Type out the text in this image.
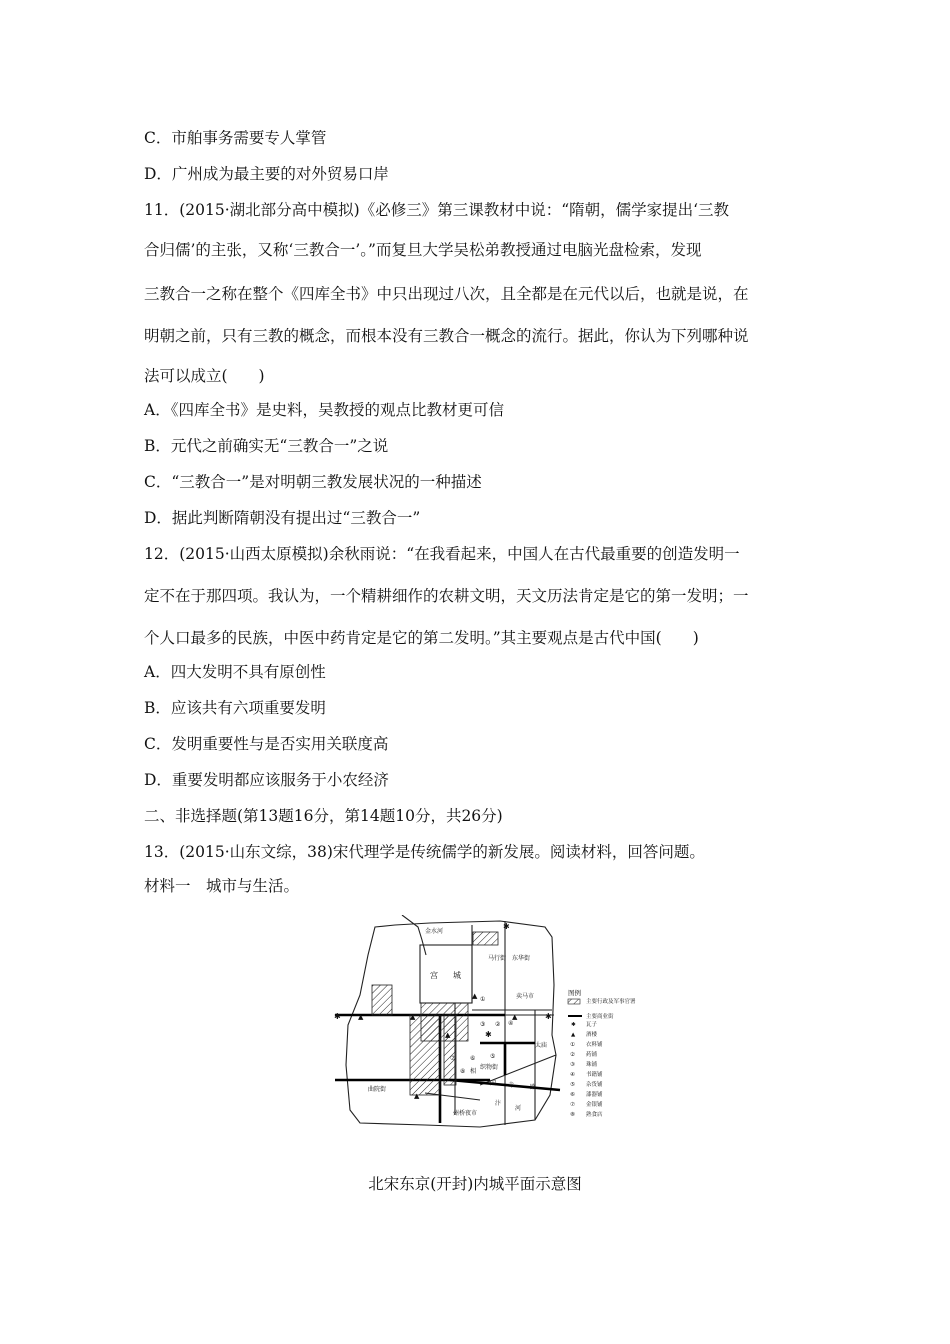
C．市舶事务需要专人掌管
D．广州成为最主要的对外贸易口岸
11．(2015·湖北部分高中模拟)《必修三》第三课教材中说：“隋朝，儒学家提出‘三教
合归儒’的主张，又称‘三教合一’。”而复旦大学吴松弟教授通过电脑光盘检索，发现
三教合一之称在整个《四库全书》中只出现过八次，且全都是在元代以后，也就是说，在
明朝之前，只有三教的概念，而根本没有三教合一概念的流行。据此，你认为下列哪种说
法可以成立(　　)
A．《四库全书》是史料，吴教授的观点比教材更可信
B．元代之前确实无“三教合一”之说
C．“三教合一”是对明朝三教发展状况的一种描述
D．据此判断隋朝没有提出过“三教合一”
12．(2015·山西太原模拟)余秋雨说：“在我看起来，中国人在古代最重要的创造发明一
定不在于那四项。我认为，一个精耕细作的农耕文明，天文历法肯定是它的第一发明；一
个人口最多的民族，中医中药肯定是它的第二发明。”其主要观点是古代中国(　　)
A．四大发明不具有原创性
B．应该共有六项重要发明
C．发明重要性与是否实用关联度高
D．重要发明都应该服务于小农经济
二、非选择题(第13题16分，第14题10分，共26分)
13．(2015·山东文综，38)宋代理学是传统儒学的新发展。阅读材料，回答问题。
材料一　城市与生活。
金水河
宫 城
马行街 东华街
卖马市
太庙
曲院街
织物街
州桥夜市
相
国 寺	路
汴
河
①
③ ② ④
⑤
⑥
⑦
⑧
✱	✱
✱
✱
▲	▲
▲
▲
▲
▲	图例
✱
▲
①
②
③
④
⑤
⑥
⑦
⑧
主要行政及军事官署
主要商业街
瓦子
酒楼
衣料铺
药铺
珠铺
书籍铺
杂货铺
漆器铺
金银铺
熟食店
北宋东京(开封)内城平面示意图
